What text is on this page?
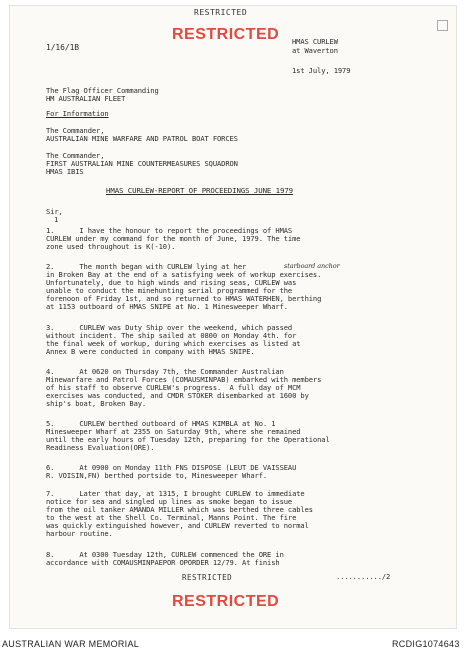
RESTRICTED
RESTRICTED
1/16/1B
HMAS CURLEW
at Waverton
1st July, 1979
The Flag Officer Commanding
HM AUSTRALIAN FLEET
For Information
The Commander,
AUSTRALIAN MINE WARFARE AND PATROL BOAT FORCES
The Commander,
FIRST AUSTRALIAN MINE COUNTERMEASURES SQUADRON
HMAS IBIS
HMAS CURLEW-REPORT OF PROCEEDINGS JUNE 1979
Sir,
1
1.      I have the honour to report the proceedings of HMAS
CURLEW under my command for the month of June, 1979. The time
zone used throughout is K(-10).
2.      The month began with CURLEW lying at her	starboard anchor
in Broken Bay at the end of a satisfying week of workup exercises.
Unfortunately, due to high winds and rising seas, CURLEW was
unable to conduct the minehunting serial programmed for the
forenoon of Friday 1st, and so returned to HMAS WATERHEN, berthing
at 1153 outboard of HMAS SNIPE at No. 1 Minesweeper Wharf.
3.      CURLEW was Duty Ship over the weekend, which passed
without incident. The ship sailed at 0800 on Monday 4th. for
the final week of workup, during which exercises as listed at
Annex B were conducted in company with HMAS SNIPE.
4.      At 0620 on Thursday 7th, the Commander Australian
Minewarfare and Patrol Forces (COMAUSMINPAB) embarked with members
of his staff to observe CURLEW's progress.  A full day of MCM
exercises was conducted, and CMDR STOKER disembarked at 1600 by
ship's boat, Broken Bay.
5.      CURLEW berthed outboard of HMAS KIMBLA at No. 1
Minesweeper Wharf at 2355 on Saturday 9th, where she remained
until the early hours of Tuesday 12th, preparing for the Operational
Readiness Evaluation(ORE).
6.      At 0900 on Monday 11th FNS DISPOSE (LEUT DE VAISSEAU
R. VOISIN,FN) berthed portside to, Minesweeper Wharf.
7.      Later that day, at 1315, I brought CURLEW to immediate
notice for sea and singled up lines as smoke began to issue
from the oil tanker AMANDA MILLER which was berthed three cables
to the west at the Shell Co. Terminal, Manns Point. The fire
was quickly extinguished however, and CURLEW reverted to normal
harbour routine.
8.      At 0300 Tuesday 12th, CURLEW commenced the ORE in
accordance with COMAUSMINPAEPOR OPORDER 12/79. At finish
RESTRICTED	.........../2
RESTRICTED
AUSTRALIAN WAR MEMORIAL	RCDIG1074643
